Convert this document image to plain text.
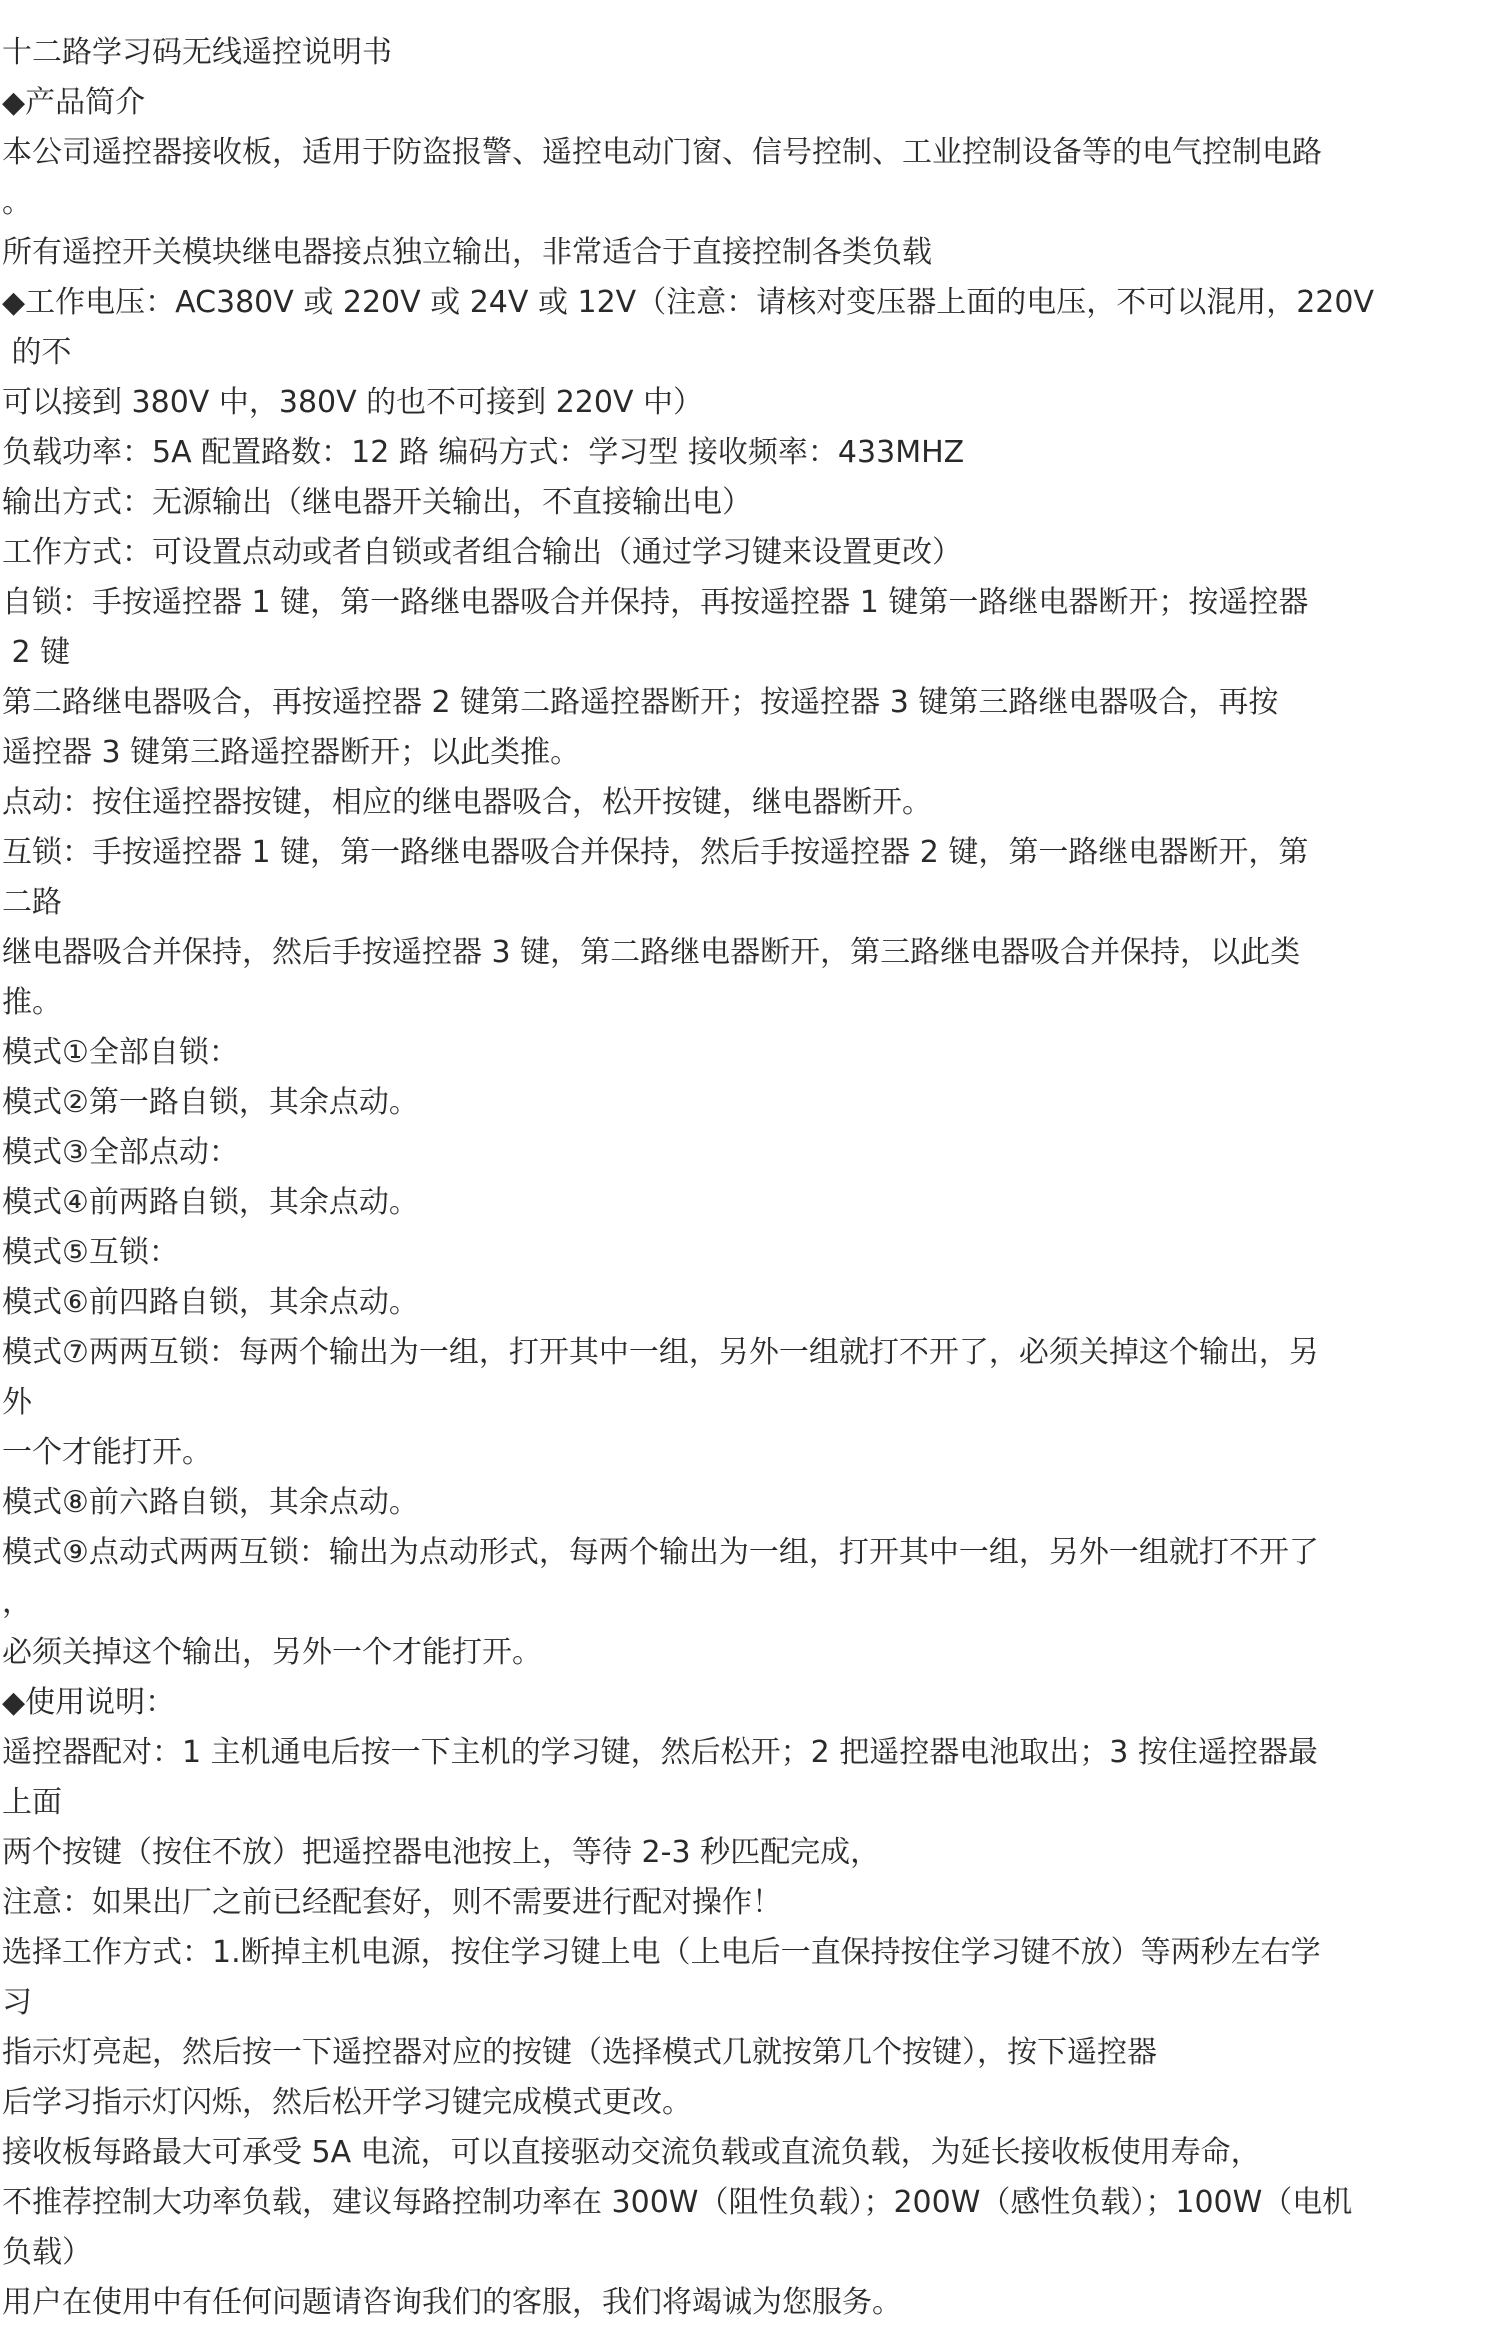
十二路学习码无线遥控说明书
◆产品简介
本公司遥控器接收板，适用于防盗报警、遥控电动门窗、信号控制、工业控制设备等的电气控制电路
。
所有遥控开关模块继电器接点独立输出，非常适合于直接控制各类负载
◆工作电压：AC380V 或 220V 或 24V 或 12V（注意：请核对变压器上面的电压，不可以混用，220V
的不
可以接到 380V 中，380V 的也不可接到 220V 中）
负载功率：5A 配置路数：12 路 编码方式：学习型 接收频率：433MHZ
输出方式：无源输出（继电器开关输出，不直接输出电）
工作方式：可设置点动或者自锁或者组合输出（通过学习键来设置更改）
自锁：手按遥控器 1 键，第一路继电器吸合并保持，再按遥控器 1 键第一路继电器断开；按遥控器
2 键
第二路继电器吸合，再按遥控器 2 键第二路遥控器断开；按遥控器 3 键第三路继电器吸合，再按
遥控器 3 键第三路遥控器断开；以此类推。
点动：按住遥控器按键，相应的继电器吸合，松开按键，继电器断开。
互锁：手按遥控器 1 键，第一路继电器吸合并保持，然后手按遥控器 2 键，第一路继电器断开，第
二路
继电器吸合并保持，然后手按遥控器 3 键，第二路继电器断开，第三路继电器吸合并保持，以此类
推。
模式①全部自锁：
模式②第一路自锁，其余点动。
模式③全部点动：
模式④前两路自锁，其余点动。
模式⑤互锁：
模式⑥前四路自锁，其余点动。
模式⑦两两互锁：每两个输出为一组，打开其中一组，另外一组就打不开了，必须关掉这个输出，另
外
一个才能打开。
模式⑧前六路自锁，其余点动。
模式⑨点动式两两互锁：输出为点动形式，每两个输出为一组，打开其中一组，另外一组就打不开了
，
必须关掉这个输出，另外一个才能打开。
◆使用说明：
遥控器配对：1 主机通电后按一下主机的学习键，然后松开；2 把遥控器电池取出；3 按住遥控器最
上面
两个按键（按住不放）把遥控器电池按上，等待 2-3 秒匹配完成，
注意：如果出厂之前已经配套好，则不需要进行配对操作！
选择工作方式：1.断掉主机电源，按住学习键上电（上电后一直保持按住学习键不放）等两秒左右学
习
指示灯亮起，然后按一下遥控器对应的按键（选择模式几就按第几个按键），按下遥控器
后学习指示灯闪烁，然后松开学习键完成模式更改。
接收板每路最大可承受 5A 电流，可以直接驱动交流负载或直流负载，为延长接收板使用寿命，
不推荐控制大功率负载，建议每路控制功率在 300W（阻性负载）；200W（感性负载）；100W（电机
负载）
用户在使用中有任何问题请咨询我们的客服，我们将竭诚为您服务。
